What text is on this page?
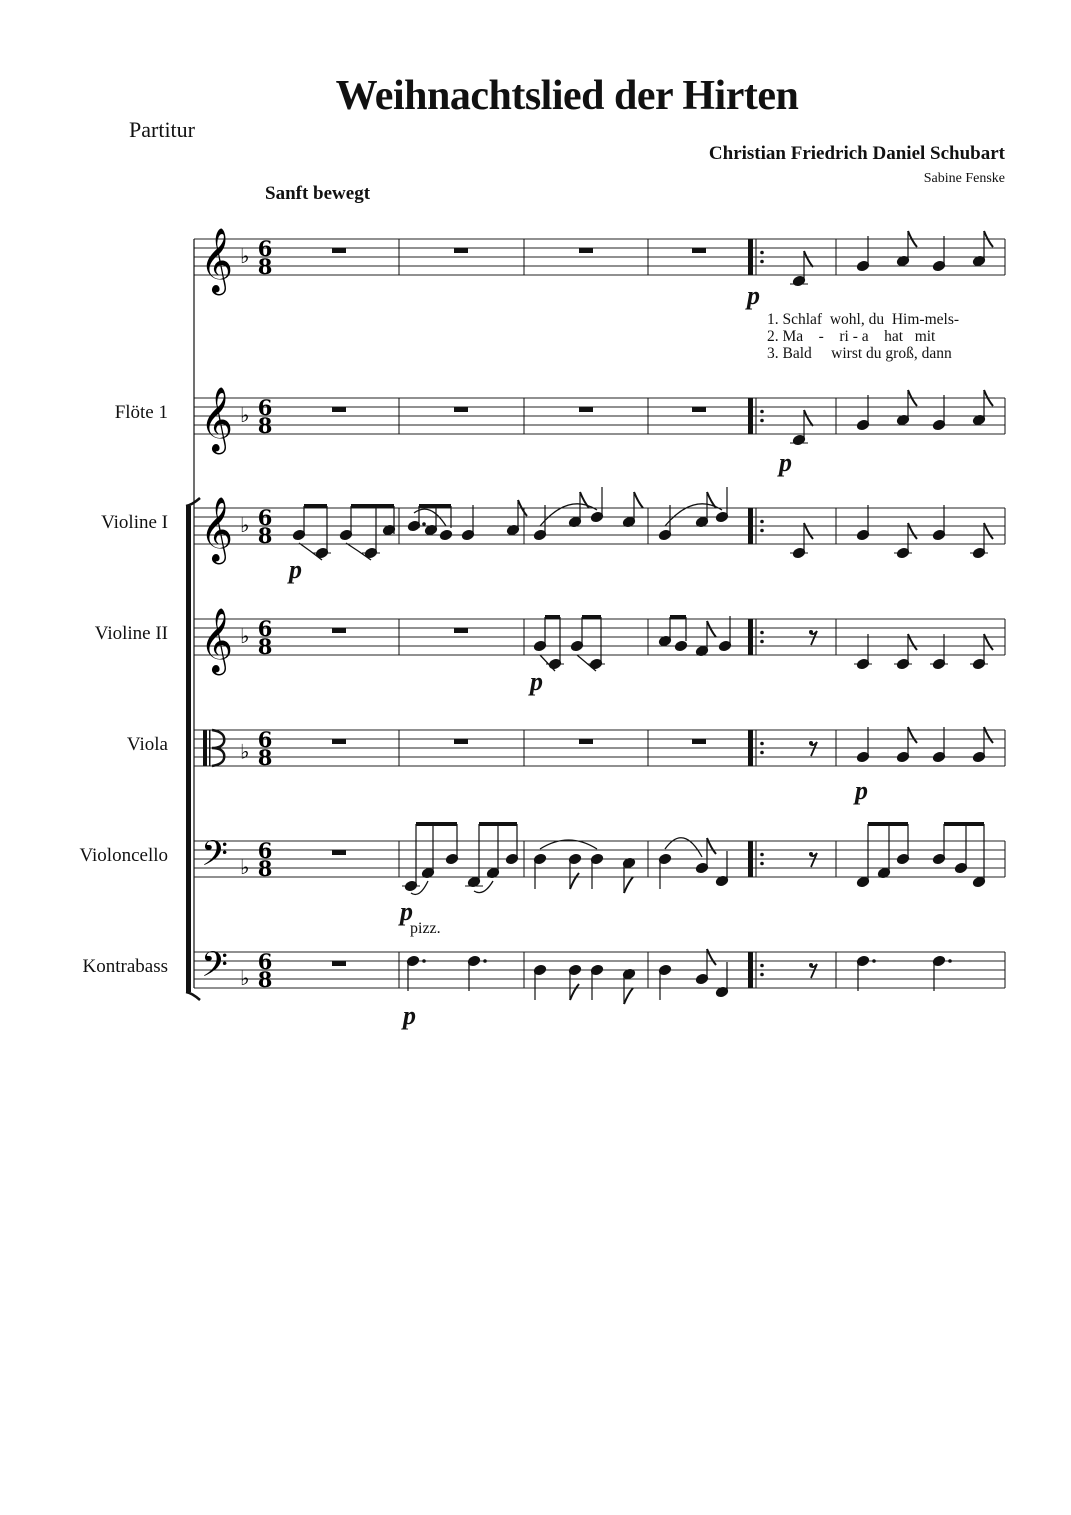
Weihnachtslied der Hirten
Partitur
Christian Friedrich Daniel Schubart
Sabine Fenske
Sanft bewegt
Flöte 1
Violine I
Violine II
Viola
Violoncello
Kontrabass
1. Schlaf wohl, du Him-mels-
2. Ma - ri - a hat mit
3. Bald wirst du groß, dann
p
p
p
p
p
p
pizz.
p
𝄞 ♭ 6
8
𝄞 ♭ 6
8
𝄞 ♭ 6
8
𝄞 ♭ 6
8
♭ 6
8
𝄢 ♭
6
8
𝄢 ♭
6
8
